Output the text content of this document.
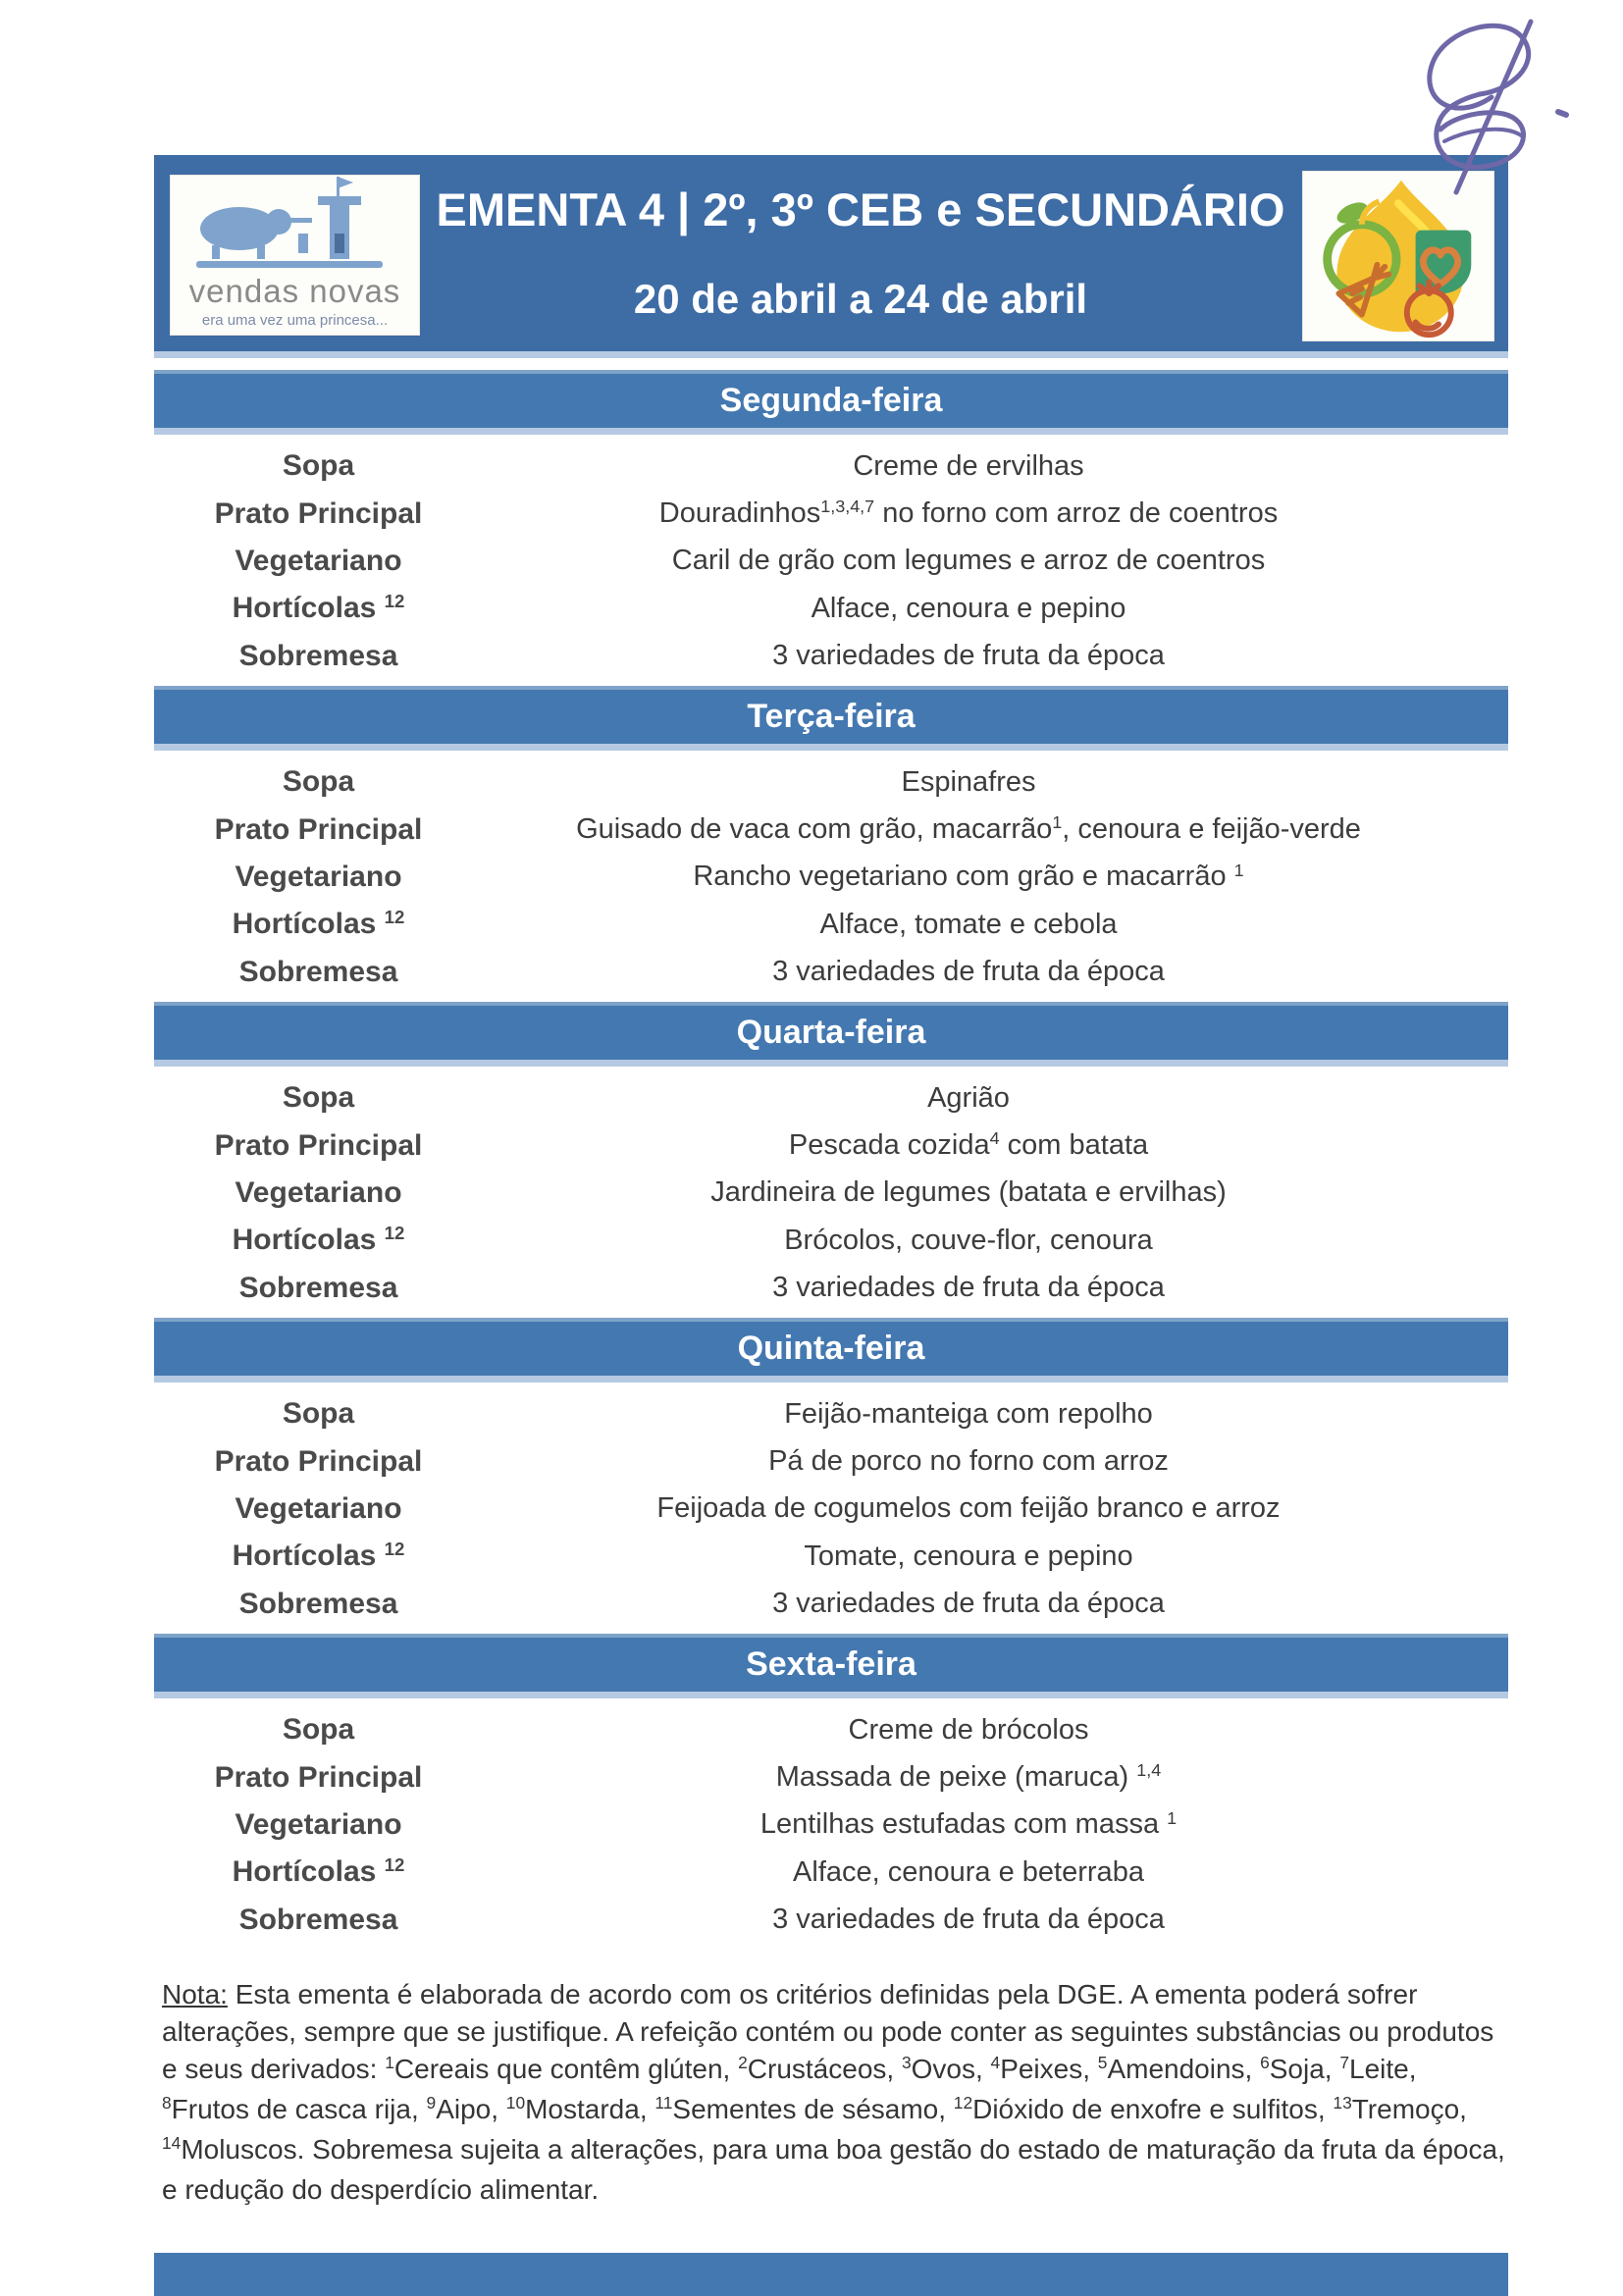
vendas novas
era uma vez uma princesa...
EMENTA 4 | 2º, 3º CEB e SECUNDÁRIO
20 de abril a 24 de abril
Segunda-feira
Sopa	Creme de ervilhas
Prato Principal	Douradinhos$^{1,3,4,7}$ no forno com arroz de coentros
Vegetariano	Caril de grão com legumes e arroz de coentros
Hortícolas $^{12}$	Alface, cenoura e pepino
Sobremesa	3 variedades de fruta da época
Terça-feira
Sopa	Espinafres
Prato Principal	Guisado de vaca com grão, macarrão$^1$, cenoura e feijão-verde
Vegetariano	Rancho vegetariano com grão e macarrão $^1$
Hortícolas $^{12}$	Alface, tomate e cebola
Sobremesa	3 variedades de fruta da época
Quarta-feira
Sopa	Agrião
Prato Principal	Pescada cozida$^4$ com batata
Vegetariano	Jardineira de legumes (batata e ervilhas)
Hortícolas $^{12}$	Brócolos, couve-flor, cenoura
Sobremesa	3 variedades de fruta da época
Quinta-feira
Sopa	Feijão-manteiga com repolho
Prato Principal	Pá de porco no forno com arroz
Vegetariano	Feijoada de cogumelos com feijão branco e arroz
Hortícolas $^{12}$	Tomate, cenoura e pepino
Sobremesa	3 variedades de fruta da época
Sexta-feira
Sopa	Creme de brócolos
Prato Principal	Massada de peixe (maruca) $^{1,4}$
Vegetariano	Lentilhas estufadas com massa $^1$
Hortícolas $^{12}$	Alface, cenoura e beterraba
Sobremesa	3 variedades de fruta da época

Nota: Esta ementa é elaborada de acordo com os critérios definidas pela DGE. A ementa poderá sofrer alterações, sempre que se justifique. A refeição contém ou pode conter as seguintes substâncias ou produtos e seus derivados: $^1$Cereais que contêm glúten, $^2$Crustáceos, $^3$Ovos, $^4$Peixes, $^5$Amendoins, $^6$Soja, $^7$Leite, $^8$Frutos de casca rija, $^9$Aipo, $^{10}$Mostarda, $^{11}$Sementes de sésamo, $^{12}$Dióxido de enxofre e sulfitos, $^{13}$Tremoço, $^{14}$Moluscos. Sobremesa sujeita a alterações, para uma boa gestão do estado de maturação da fruta da época, e redução do desperdício alimentar.
